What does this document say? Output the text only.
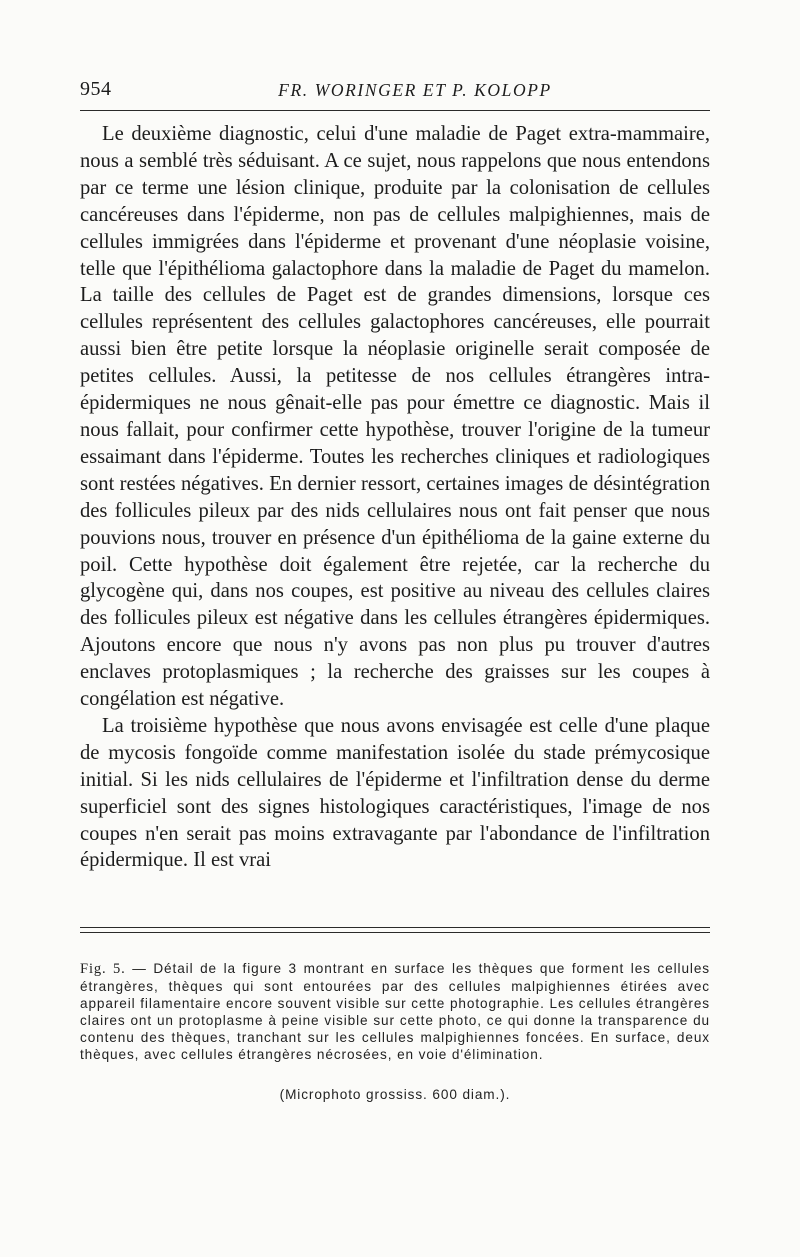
954	FR. WORINGER ET P. KOLOPP

Le deuxième diagnostic, celui d'une maladie de Paget extra-mammaire, nous a semblé très séduisant. A ce sujet, nous rappelons que nous entendons par ce terme une lésion clinique, produite par la colonisation de cellules cancéreuses dans l'épiderme, non pas de cellules malpighiennes, mais de cellules immigrées dans l'épiderme et provenant d'une néoplasie voisine, telle que l'épithélioma galactophore dans la maladie de Paget du mamelon. La taille des cellules de Paget est de grandes dimensions, lorsque ces cellules représentent des cellules galactophores cancéreuses, elle pourrait aussi bien être petite lorsque la néoplasie originelle serait composée de petites cellules. Aussi, la petitesse de nos cellules étrangères intra-épidermiques ne nous gênait-elle pas pour émettre ce diagnostic. Mais il nous fallait, pour confirmer cette hypothèse, trouver l'origine de la tumeur essaimant dans l'épiderme. Toutes les recherches cliniques et radiologiques sont restées négatives. En dernier ressort, certaines images de désintégration des follicules pileux par des nids cellulaires nous ont fait penser que nous pouvions nous, trouver en présence d'un épithélioma de la gaine externe du poil. Cette hypothèse doit également être rejetée, car la recherche du glycogène qui, dans nos coupes, est positive au niveau des cellules claires des follicules pileux est négative dans les cellules étrangères épidermiques. Ajoutons encore que nous n'y avons pas non plus pu trouver d'autres enclaves protoplasmiques ; la recherche des graisses sur les coupes à congélation est négative.

La troisième hypothèse que nous avons envisagée est celle d'une plaque de mycosis fongoïde comme manifestation isolée du stade prémycosique initial. Si les nids cellulaires de l'épiderme et l'infiltration dense du derme superficiel sont des signes histologiques caractéristiques, l'image de nos coupes n'en serait pas moins extravagante par l'abondance de l'infiltration épidermique. Il est vrai

Fig. 5. — Détail de la figure 3 montrant en surface les thèques que forment les cellules étrangères, thèques qui sont entourées par des cellules malpighiennes étirées avec appareil filamentaire encore souvent visible sur cette photographie. Les cellules étrangères claires ont un protoplasme à peine visible sur cette photo, ce qui donne la transparence du contenu des thèques, tranchant sur les cellules malpighiennes foncées. En surface, deux thèques, avec cellules étrangères nécrosées, en voie d'élimination.

(Microphoto grossiss. 600 diam.).
